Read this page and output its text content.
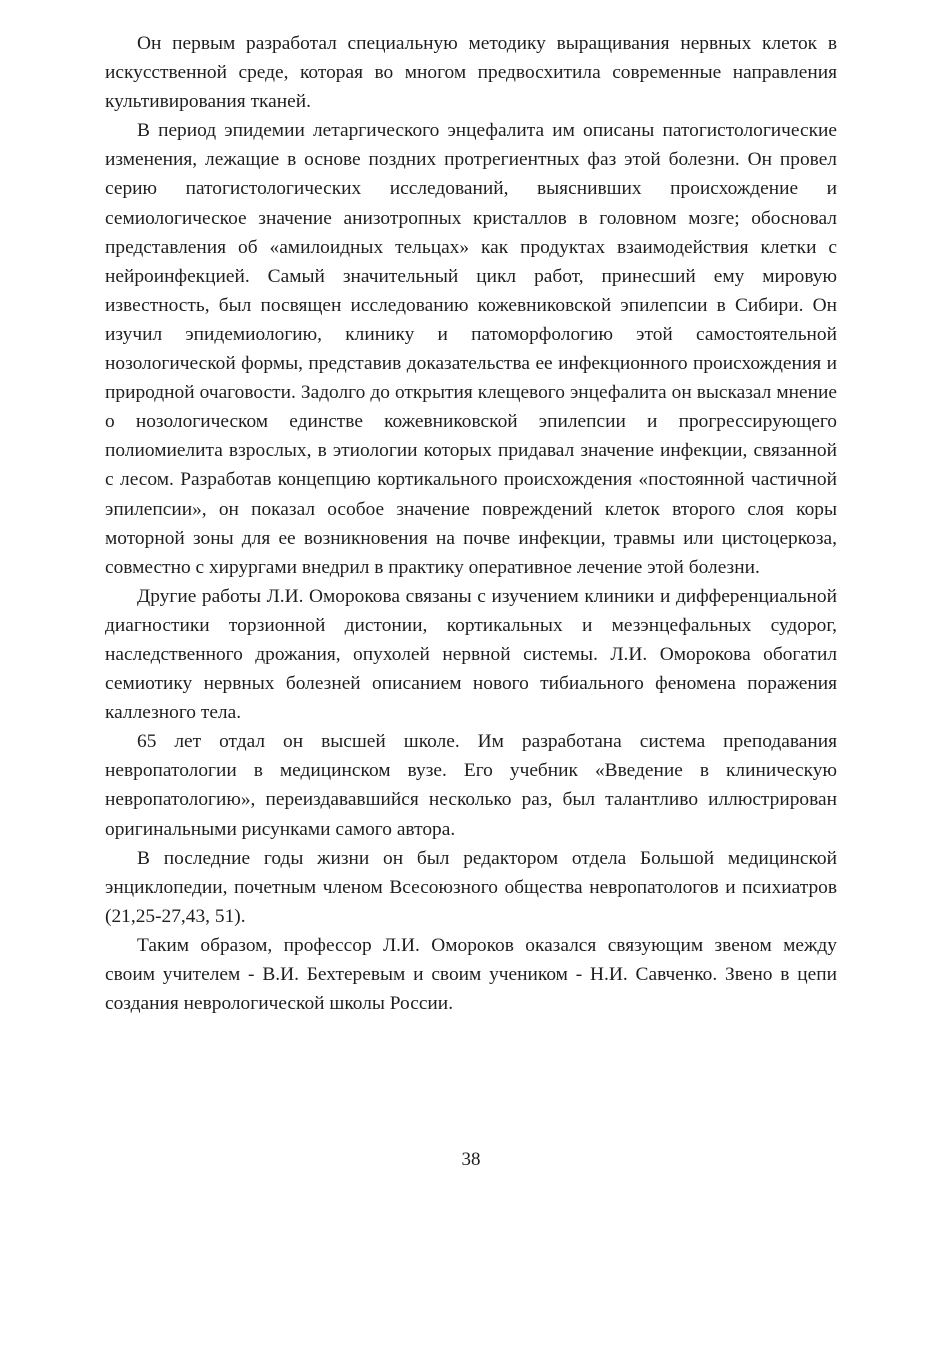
Он первым разработал специальную методику выращивания нервных клеток в искусственной среде, которая во многом предвосхитила современные направления культивирования тканей.

В период эпидемии летаргического энцефалита им описаны патогистологические изменения, лежащие в основе поздних протрегиентных фаз этой болезни. Он провел серию патогистологических исследований, выяснивших происхождение и семиологическое значение анизотропных кристаллов в головном мозге; обосновал представления об «амилоидных тельцах» как продуктах взаимодействия клетки с нейроинфекцией. Самый значительный цикл работ, принесший ему мировую известность, был посвящен исследованию кожевниковской эпилепсии в Сибири. Он изучил эпидемиологию, клинику и патоморфологию этой самостоятельной нозологической формы, представив доказательства ее инфекционного происхождения и природной очаговости. Задолго до открытия клещевого энцефалита он высказал мнение о нозологическом единстве кожевниковской эпилепсии и прогрессирующего полиомиелита взрослых, в этиологии которых придавал значение инфекции, связанной с лесом. Разработав концепцию кортикального происхождения «постоянной частичной эпилепсии», он показал особое значение повреждений клеток второго слоя коры моторной зоны для ее возникновения на почве инфекции, травмы или цистоцеркоза, совместно с хирургами внедрил в практику оперативное лечение этой болезни.

Другие работы Л.И. Оморокова связаны с изучением клиники и дифференциальной диагностики торзионной дистонии, кортикальных и мезэнцефальных судорог, наследственного дрожания, опухолей нервной системы. Л.И. Оморокова обогатил семиотику нервных болезней описанием нового тибиального феномена поражения каллезного тела.

65 лет отдал он высшей школе. Им разработана система преподавания невропатологии в медицинском вузе. Его учебник «Введение в клиническую невропатологию», переиздававшийся несколько раз, был талантливо иллюстрирован оригинальными рисунками самого автора.

В последние годы жизни он был редактором отдела Большой медицинской энциклопедии, почетным членом Всесоюзного общества невропатологов и психиатров (21,25-27,43, 51).

Таким образом, профессор Л.И. Омороков оказался связующим звеном между своим учителем - В.И. Бехтеревым и своим учеником - Н.И. Савченко. Звено в цепи создания неврологической школы России.

38
